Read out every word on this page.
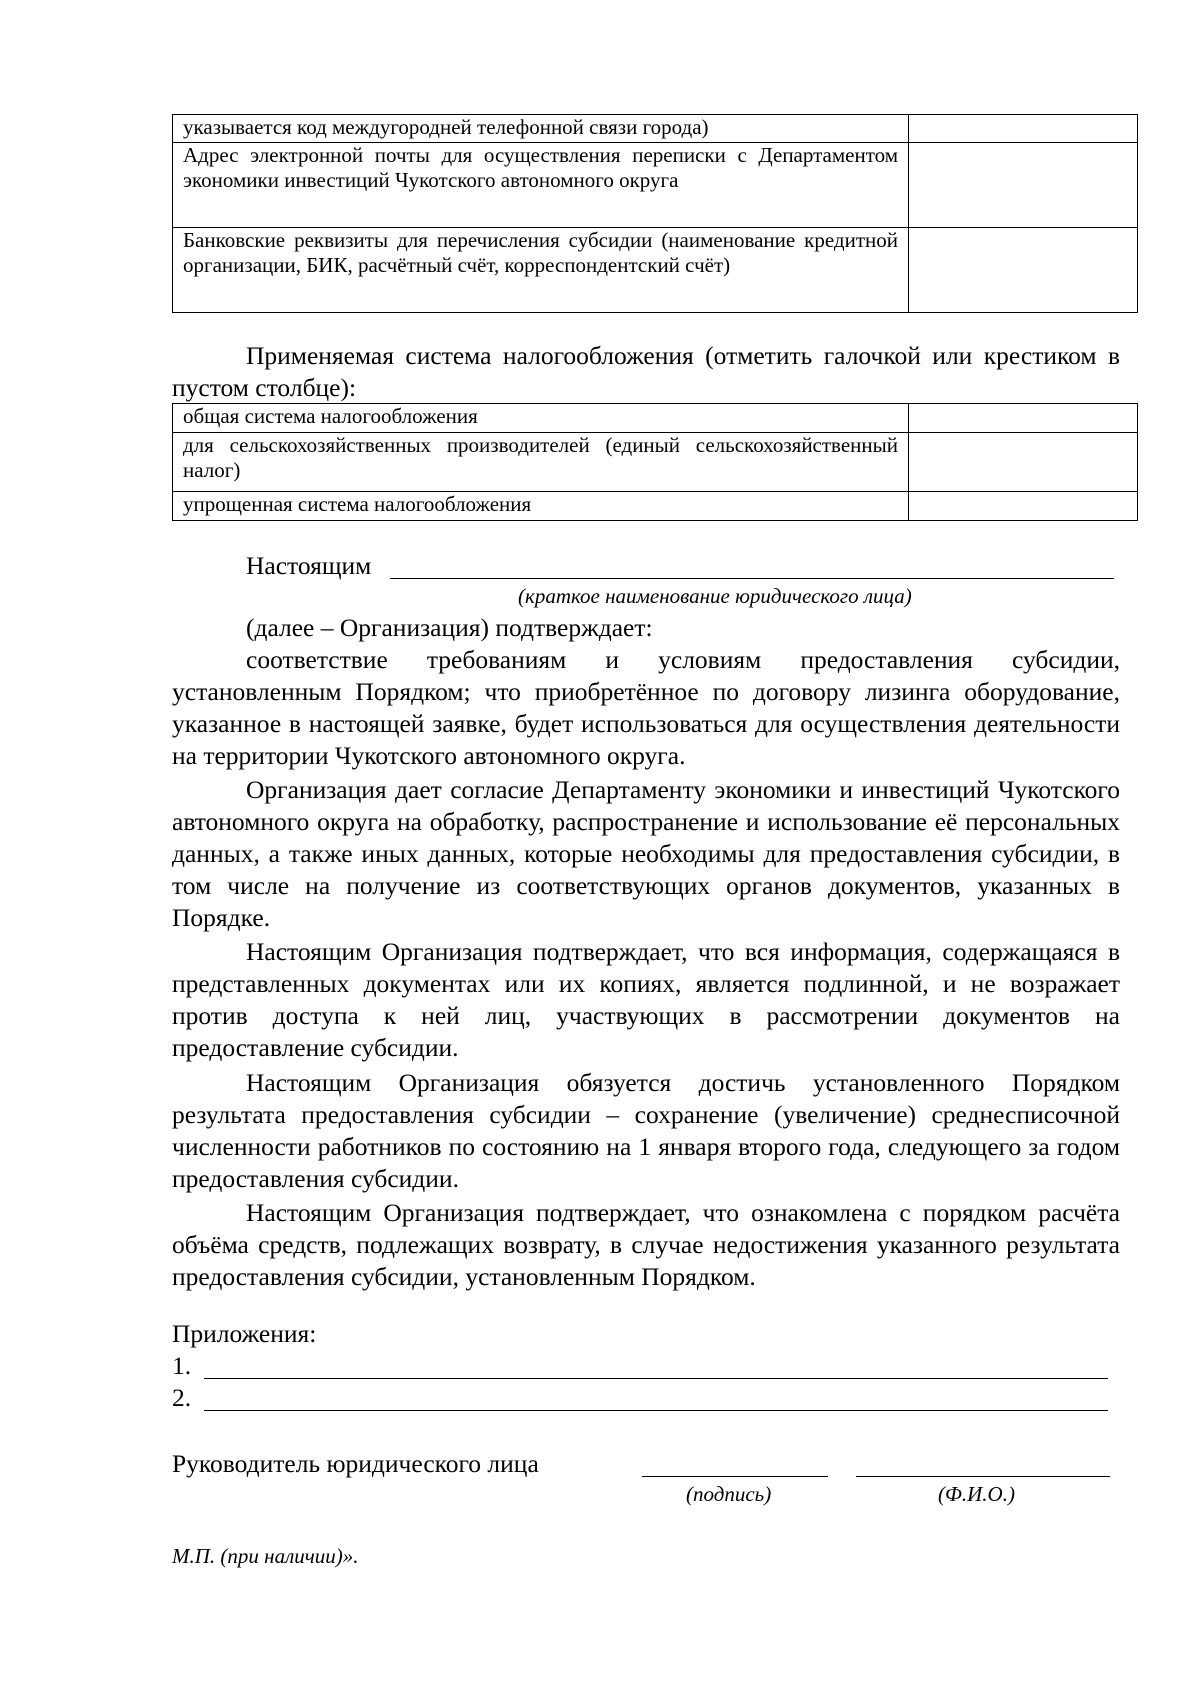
указывается код междугородней телефонной связи города)	
Адрес электронной почты для осуществления переписки с Департаментом экономики инвестиций Чукотского автономного округа	
Банковские реквизиты для перечисления субсидии (наименование кредитной организации, БИК, расчётный счёт, корреспондентский счёт)	
Применяемая система налогообложения (отметить галочкой или крестиком в пустом столбце):
общая система налогообложения	
для сельскохозяйственных производителей (единый сельскохозяйственный налог)	
упрощенная система налогообложения	
Настоящим
(краткое наименование юридического лица)
(далее – Организация) подтверждает:
соответствие требованиям и условиям предоставления субсидии, установленным Порядком; что приобретённое по договору лизинга оборудование, указанное в настоящей заявке, будет использоваться для осуществления деятельности на территории Чукотского автономного округа.
Организация дает согласие Департаменту экономики и инвестиций Чукотского автономного округа на обработку, распространение и использование её персональных данных, а также иных данных, которые необходимы для предоставления субсидии, в том числе на получение из соответствующих органов документов, указанных в Порядке.
Настоящим Организация подтверждает, что вся информация, содержащаяся в представленных документах или их копиях, является подлинной, и не возражает против доступа к ней лиц, участвующих в рассмотрении документов на предоставление субсидии.
Настоящим Организация обязуется достичь установленного Порядком результата предоставления субсидии – сохранение (увеличение) среднесписочной численности работников по состоянию на 1 января второго года, следующего за годом предоставления субсидии.
Настоящим Организация подтверждает, что ознакомлена с порядком расчёта объёма средств, подлежащих возврату, в случае недостижения указанного результата предоставления субсидии, установленным Порядком.
Приложения:
1.
2.
Руководитель юридического лица
(подпись)	(Ф.И.О.)
М.П. (при наличии)».
